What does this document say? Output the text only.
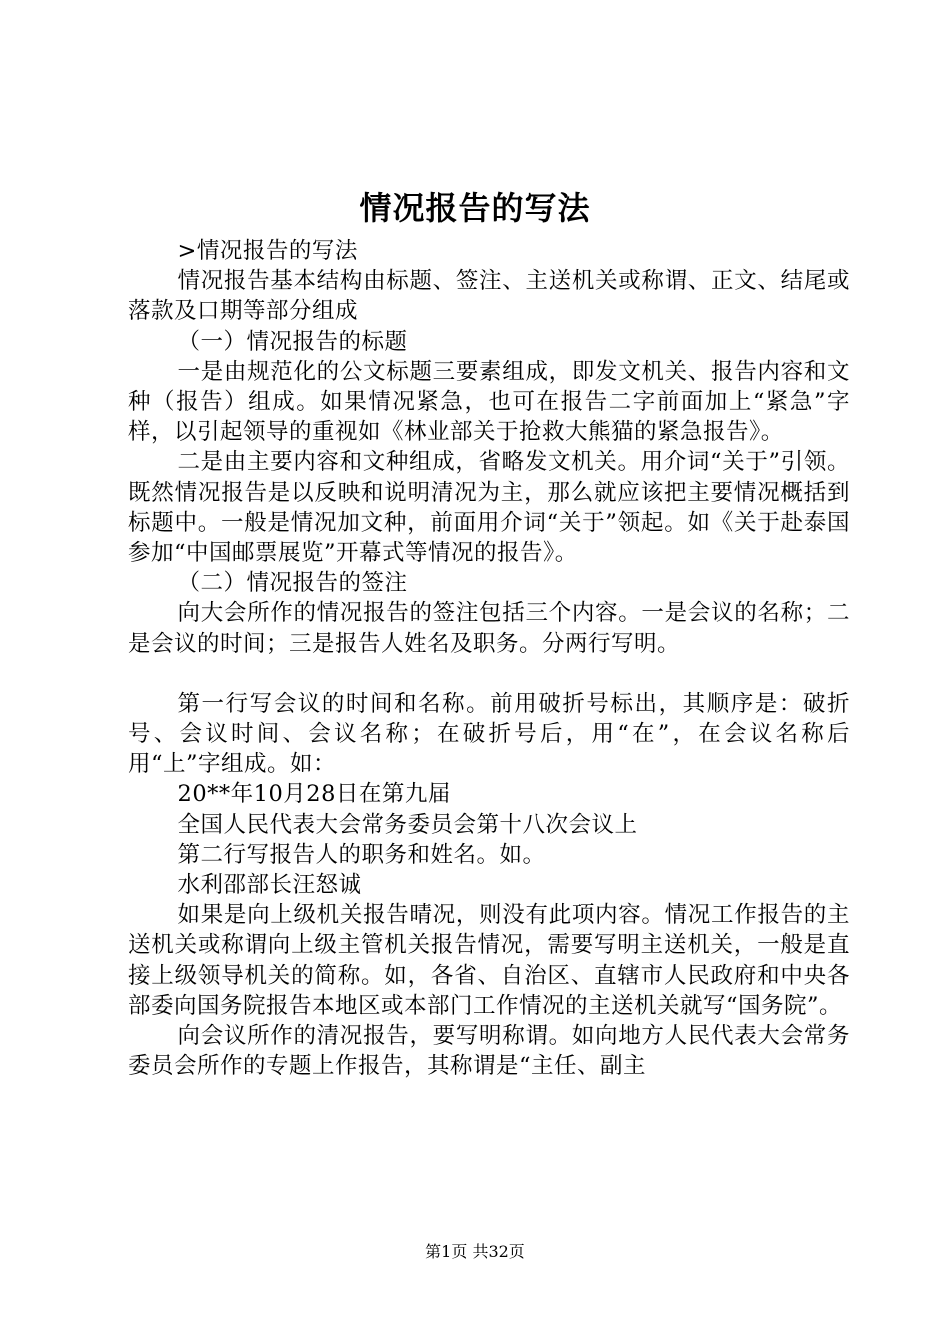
情况报告的写法

>情况报告的写法

情况报告基本结构由标题、签注、主送机关或称谓、正文、结尾或落款及口期等部分组成

（一）情况报告的标题

一是由规范化的公文标题三要素组成，即发文机关、报告内容和文种（报告）组成。如果情况紧急，也可在报告二字前面加上“紧急”字样，以引起领导的重视如《林业部关于抢救大熊猫的紧急报告》。

二是由主要内容和文种组成，省略发文机关。用介词“关于”引领。既然情况报告是以反映和说明清况为主，那么就应该把主要情况概括到标题中。一般是情况加文种，前面用介词“关于”领起。如《关于赴泰国参加“中国邮票展览”开幕式等情况的报告》。

（二）情况报告的签注

向大会所作的情况报告的签注包括三个内容。一是会议的名称；二是会议的时间；三是报告人姓名及职务。分两行写明。

第一行写会议的时间和名称。前用破折号标出，其顺序是：破折号、会议时间、会议名称；在破折号后，用“在”，在会议名称后用“上”字组成。如：

20**年10月28日在第九届

全国人民代表大会常务委员会第十八次会议上

第二行写报告人的职务和姓名。如。

水利邵部长汪怒诚

如果是向上级机关报告晴况，则没有此项内容。情况工作报告的主送机关或称谓向上级主管机关报告情况，需要写明主送机关，一般是直接上级领导机关的简称。如，各省、自治区、直辖市人民政府和中央各部委向国务院报告本地区或本部门工作情况的主送机关就写“国务院”。

向会议所作的清况报告，要写明称谓。如向地方人民代表大会常务委员会所作的专题上作报告，其称谓是“主任、副主

第1页 共32页
